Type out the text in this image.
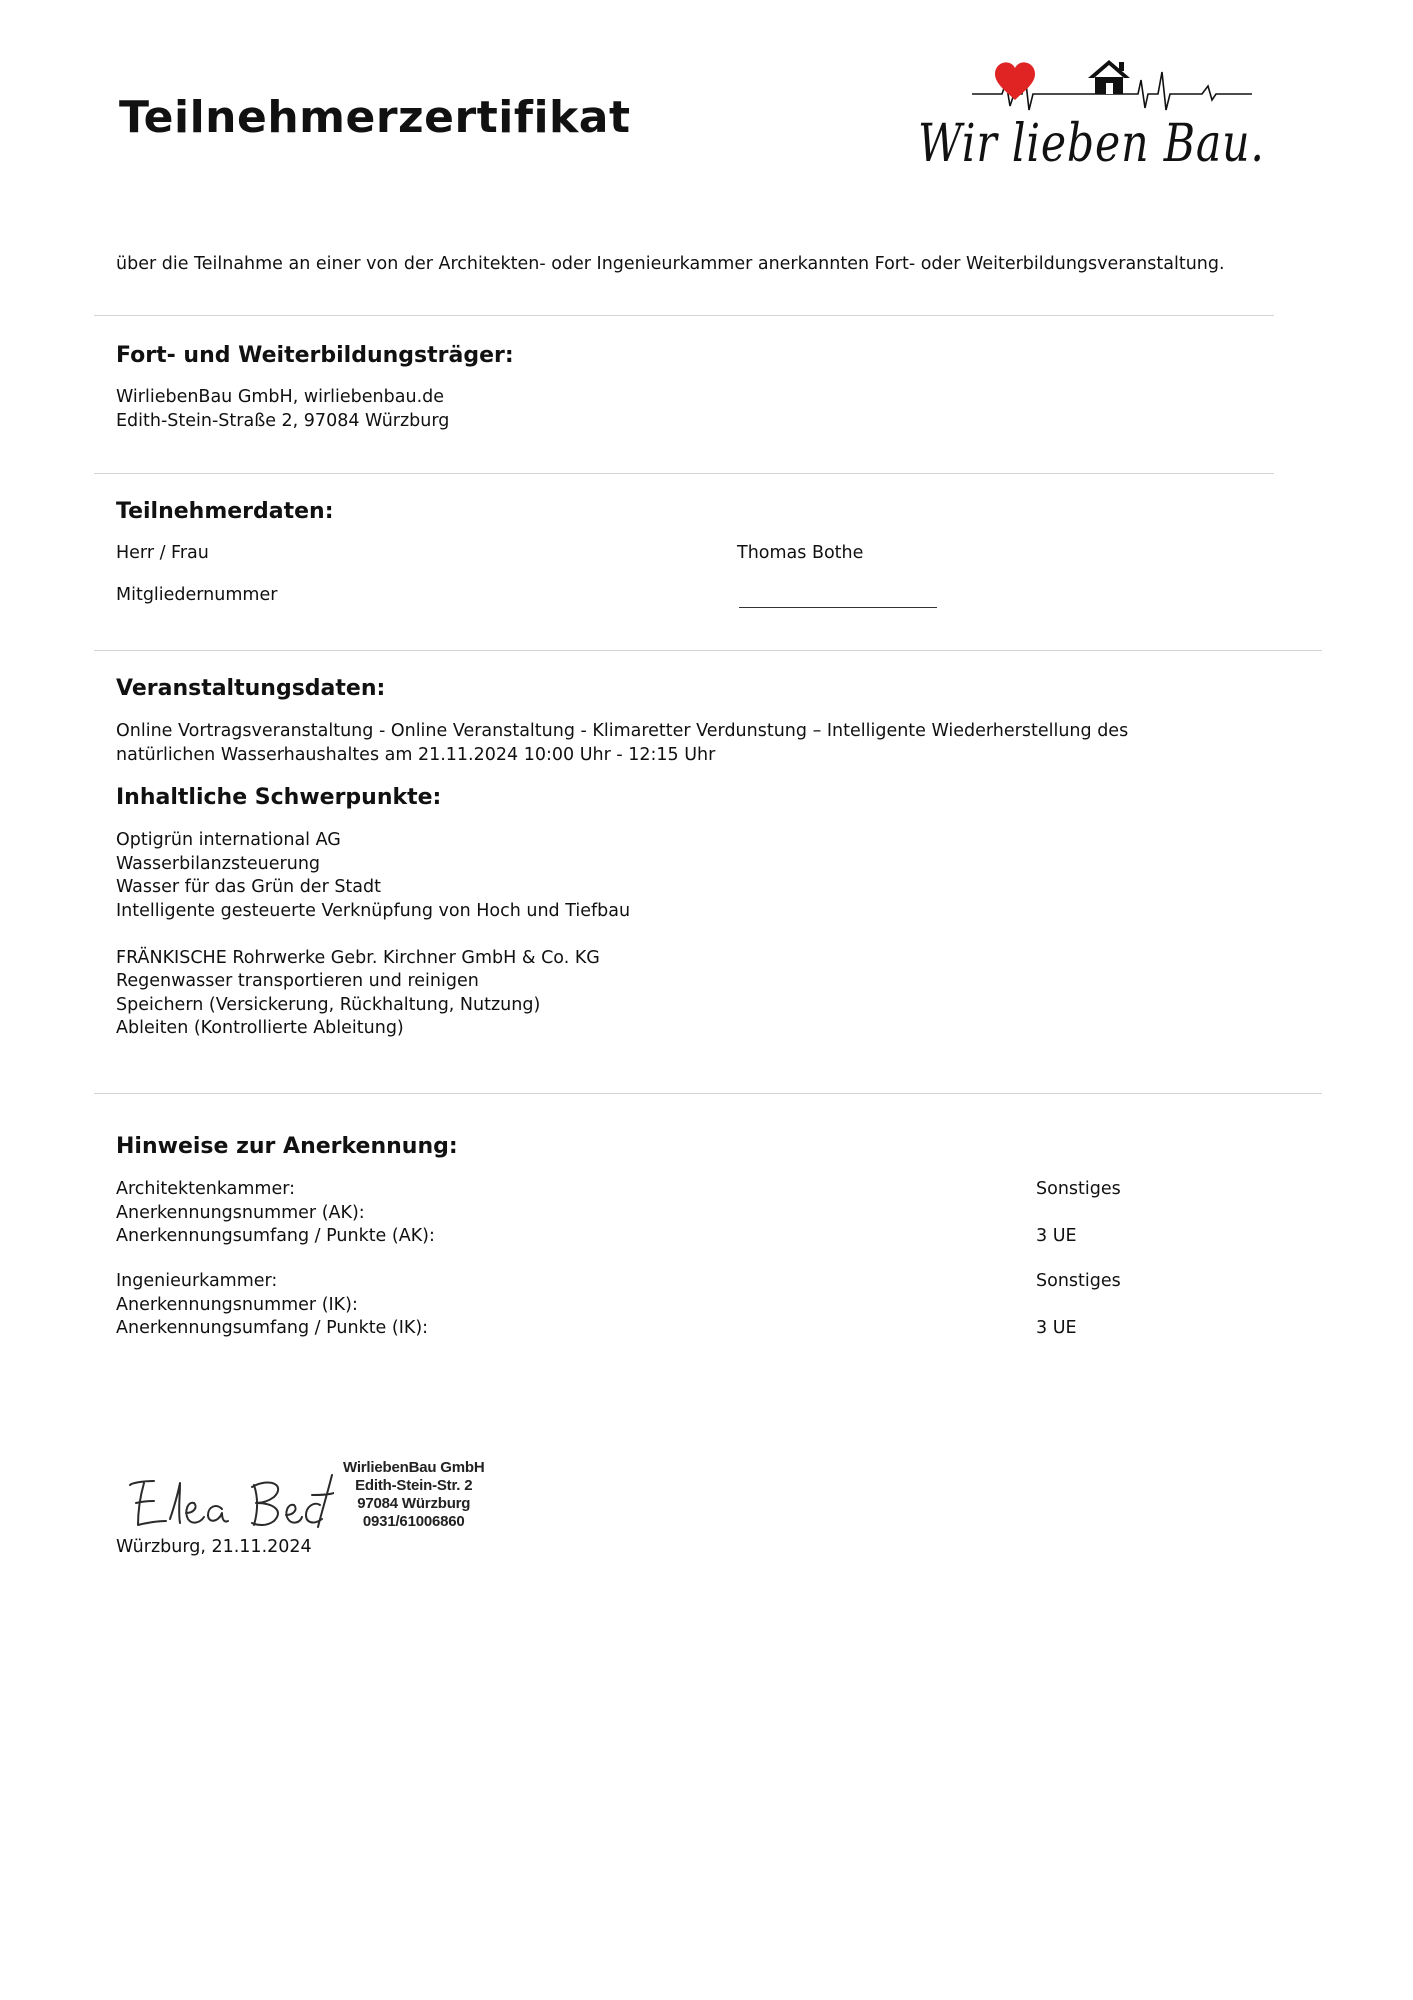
Teilnehmerzertifikat	Wir lieben Bau.
über die Teilnahme an einer von der Architekten- oder Ingenieurkammer anerkannten Fort- oder Weiterbildungsveranstaltung.
Fort- und Weiterbildungsträger:
WirliebenBau GmbH, wirliebenbau.de
Edith-Stein-Straße 2, 97084 Würzburg
Teilnehmerdaten:
Herr / Frau	Thomas Bothe
Mitgliedernummer
Veranstaltungsdaten:
Online Vortragsveranstaltung - Online Veranstaltung - Klimaretter Verdunstung – Intelligente Wiederherstellung des
natürlichen Wasserhaushaltes am 21.11.2024 10:00 Uhr - 12:15 Uhr
Inhaltliche Schwerpunkte:
Optigrün international AG
Wasserbilanzsteuerung
Wasser für das Grün der Stadt
Intelligente gesteuerte Verknüpfung von Hoch und Tiefbau
FRÄNKISCHE Rohrwerke Gebr. Kirchner GmbH & Co. KG
Regenwasser transportieren und reinigen
Speichern (Versickerung, Rückhaltung, Nutzung)
Ableiten (Kontrollierte Ableitung)
Hinweise zur Anerkennung:
Architektenkammer:
Anerkennungsnummer (AK):
Anerkennungsumfang / Punkte (AK):
Sonstiges
3 UE
Ingenieurkammer:
Anerkennungsnummer (IK):
Anerkennungsumfang / Punkte (IK):
Sonstiges
3 UE
WirliebenBau GmbH
Edith-Stein-Str. 2
97084 Würzburg
0931/61006860
Würzburg, 21.11.2024
